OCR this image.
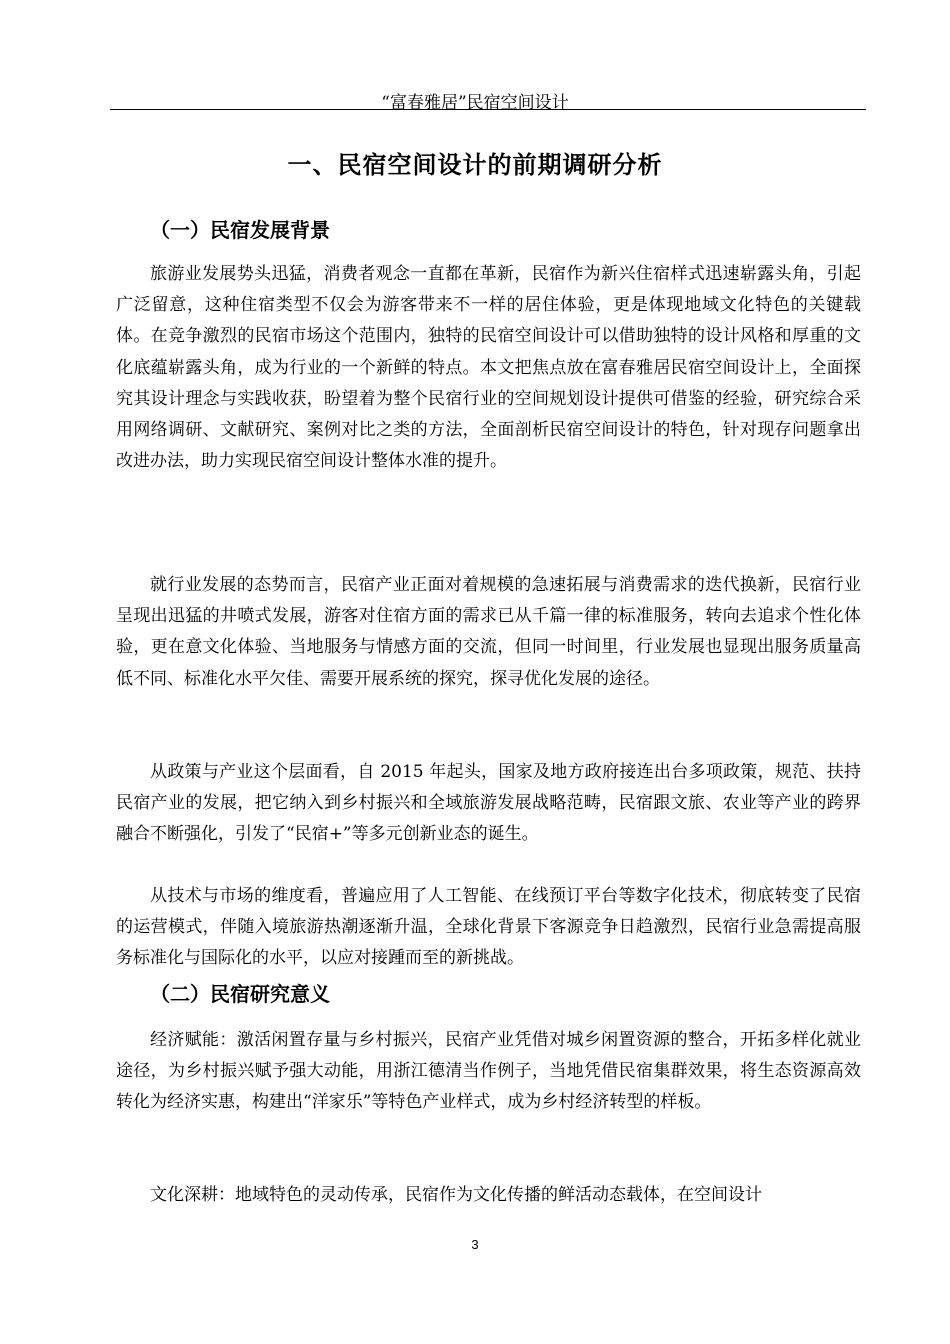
“富春雅居”民宿空间设计
一、民宿空间设计的前期调研分析
（一）民宿发展背景

旅游业发展势头迅猛，消费者观念一直都在革新，民宿作为新兴住宿样式迅速崭露头角，引起广泛留意，这种住宿类型不仅会为游客带来不一样的居住体验，更是体现地域文化特色的关键载体。在竞争激烈的民宿市场这个范围内，独特的民宿空间设计可以借助独特的设计风格和厚重的文化底蕴崭露头角，成为行业的一个新鲜的特点。本文把焦点放在富春雅居民宿空间设计上，全面探究其设计理念与实践收获，盼望着为整个民宿行业的空间规划设计提供可借鉴的经验，研究综合采用网络调研、文献研究、案例对比之类的方法，全面剖析民宿空间设计的特色，针对现存问题拿出改进办法，助力实现民宿空间设计整体水准的提升。

就行业发展的态势而言，民宿产业正面对着规模的急速拓展与消费需求的迭代换新，民宿行业呈现出迅猛的井喷式发展，游客对住宿方面的需求已从千篇一律的标准服务，转向去追求个性化体验，更在意文化体验、当地服务与情感方面的交流，但同一时间里，行业发展也显现出服务质量高低不同、标准化水平欠佳、需要开展系统的探究，探寻优化发展的途径。

从政策与产业这个层面看，自 2015 年起头，国家及地方政府接连出台多项政策，规范、扶持民宿产业的发展，把它纳入到乡村振兴和全域旅游发展战略范畴，民宿跟文旅、农业等产业的跨界融合不断强化，引发了“民宿+”等多元创新业态的诞生。

从技术与市场的维度看，普遍应用了人工智能、在线预订平台等数字化技术，彻底转变了民宿的运营模式，伴随入境旅游热潮逐渐升温，全球化背景下客源竞争日趋激烈，民宿行业急需提高服务标准化与国际化的水平，以应对接踵而至的新挑战。

（二）民宿研究意义

经济赋能：激活闲置存量与乡村振兴，民宿产业凭借对城乡闲置资源的整合，开拓多样化就业途径，为乡村振兴赋予强大动能，用浙江德清当作例子，当地凭借民宿集群效果，将生态资源高效转化为经济实惠，构建出“洋家乐”等特色产业样式，成为乡村经济转型的样板。

文化深耕：地域特色的灵动传承，民宿作为文化传播的鲜活动态载体，在空间设计

3
